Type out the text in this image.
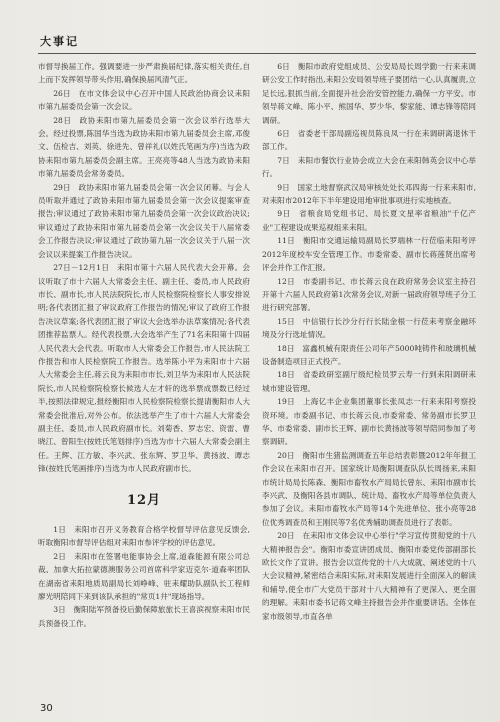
大事记

市督导换届工作。强调要进一步严肃换届纪律,落实相关责任,自上而下发挥领导带头作用,确保换届风清气正。

26日　在市文体会议中心召开中国人民政治协商会议耒阳市第九届委员会第一次会议。

28日　政协耒阳市第九届委员会第一次会议举行选举大会。经过投票,陈国华当选为政协耒阳市第九届委员会主席,邓俊文、伍检吉、刘英、徐进先、曾祥礼(以姓氏笔画为序)当选为政协耒阳市第九届委员会副主席。王亮亮等48人当选为政协耒阳市第九届委员会常务委员。

29日　政协耒阳市第九届委员会第一次会议闭幕。与会人员听取并通过了政协耒阳市第九届委员会第一次会议提案审查报告;审议通过了政协耒阳市第九届委员会第一次会议政治决议;审议通过了政协耒阳市第九届委员会第一次会议关于八届常委会工作报告决议;审议通过了政协第九届一次会议关于八届一次会议以来提案工作报告决议。

27日－12月1日　耒阳市第十六届人民代表大会开幕。会议听取了市十六届人大常委会主任、副主任、委员,市人民政府市长、副市长,市人民法院院长,市人民检察院检察长人事安排说明;各代表团汇报了审议政府工作报告的情况;审议了政府工作报告决议草案;各代表团汇报了审议大会选举办法草案情况;各代表团推荐监票人。经代表投票,大会选举产生了71名耒阳第十四届人民代表大会代表。听取市人大常委会工作报告,市人民法院工作报告和市人民检察院工作报告。选举陈小平为耒阳市十六届人大常委会主任,蒋云良为耒阳市市长,刘卫华为耒阳市人民法院院长,市人民检察院检察长候选人左才轩的选举票成票数已经过半,按照法律规定,报经衡阳市人民检察院检察长提请衡阳市人大常委会批准后,对外公布。依法选举产生了市十六届人大常委会副主任、委员,市人民政府副市长。刘菊香、罗志宏、资雷、曹晓江、曾阳生(按姓氏笔划排序)当选为市十六届人大常委会副主任。王辉、江方敏、李兴武、张东辉、罗卫华、黄扬波、谭志锋(按姓氏笔画排序)当选为市人民政府副市长。

12月

1日　耒阳市召开义务教育合格学校督导评估意见反馈会,听取衡阳市督导评估组对耒阳市参评学校的评估意见。

2日　耒阳市在签署电能事协会上席,道森能源有限公司总裁、加拿大拓拉蒙德澳服务公司首席科学家迈克尔·道森率团队在湖南省耒阳地质局副局长刘峥峰、驻耒耀助队副队长工程师廖光明陪同下来到该队承担的"常页1井"现场指导。

3日　衡阳陆军预备役后勤保障旅旅长王喜滨视察耒阳市民兵预备役工作。

6日　衡阳市政府党组成员、公安局局长周学勤一行来耒调研公安工作时指出,耒阳公安局领导班子要团结一心,认真履责,立足长远,狠抓当前,全面提升社会治安管控能力,确保一方平安。市领导蒋文峰、陈小平、熊国华、罗少华、黎家能、谭志锋等陪同调研。

6日　省委老干部局副巡视员陈良凤一行在耒调研离退休干部工作。

7日　耒阳市餐饮行业协会成立大会在耒阳韩英会议中心举行。

9日　国家土地督察武汉局审核处处长邓四海一行来耒阳市,对耒阳市2012年下半年建设用地审批事项进行实地核查。

9日　省粮食局党组书记、局长夏文星率省粮油"千亿产业"工程建设成果巡视组来耒阳。

11日　衡阳市交通运输局副局长罗端林一行莅临耒阳考评2012年度校车安全管理工作。市委常委、副市长蒋莲贤出席考评会并作工作汇报。

12日　市委副书记、市长蒋云良在政府常务会议室主持召开第十六届人民政府第1次常务会议,对新一届政府领导班子分工进行研究部署。

15日　中信银行长沙分行行长陆金根一行莅耒考察金融环境及分行选址情况。

18日　富鑫机械有限责任公司年产5000吨铸件和玻璃机械设备制造项目正式投产。

18日　省委政研室副厅级纪检员罗云寿一行到耒阳调研耒城市建设管理。

19日　上海亿丰企业集团董事长张凤志一行来耒阳考察投资环境。市委副书记、市长蒋云良,市委常委、常务副市长罗卫华、市委常委、副市长王辉、副市长黄扬波等领导陪同参加了考察调研。

20日　衡阳市生猪监测调查五年总结表彰暨2012年年报工作会议在耒阳市召开。国家统计局衡阳调查队队长周扬来,耒阳市统计局局长陈森、衡阳市畜牧水产局局长曾东、耒阳市副市长李兴武、及衡阳各县市调队、统计局、畜牧水产局等单位负责人参加了会议。耒阳市畜牧水产局等14个先进单位、张小亮等28位优秀调查员和王刚民等7名优秀辅助调查员进行了表彰。

20日　在耒阳市文体会议中心举行"学习宣传贯彻党的十八大精神报告会"。衡阳市委宣讲团成员、衡阳市委党传部副部长欧长文作了宣讲。报告会以宣传党的十八大成就、阐述党的十八大会议精神,紧密结合耒阳实际,对耒阳发展进行全面深入的解读和辅导,使全市广大党员干部对十八大精神有了更深入、更全面的理解。耒阳市委书记蒋文峰主持报告会并作重要讲话。全体在家市级领导,市直各单

30
